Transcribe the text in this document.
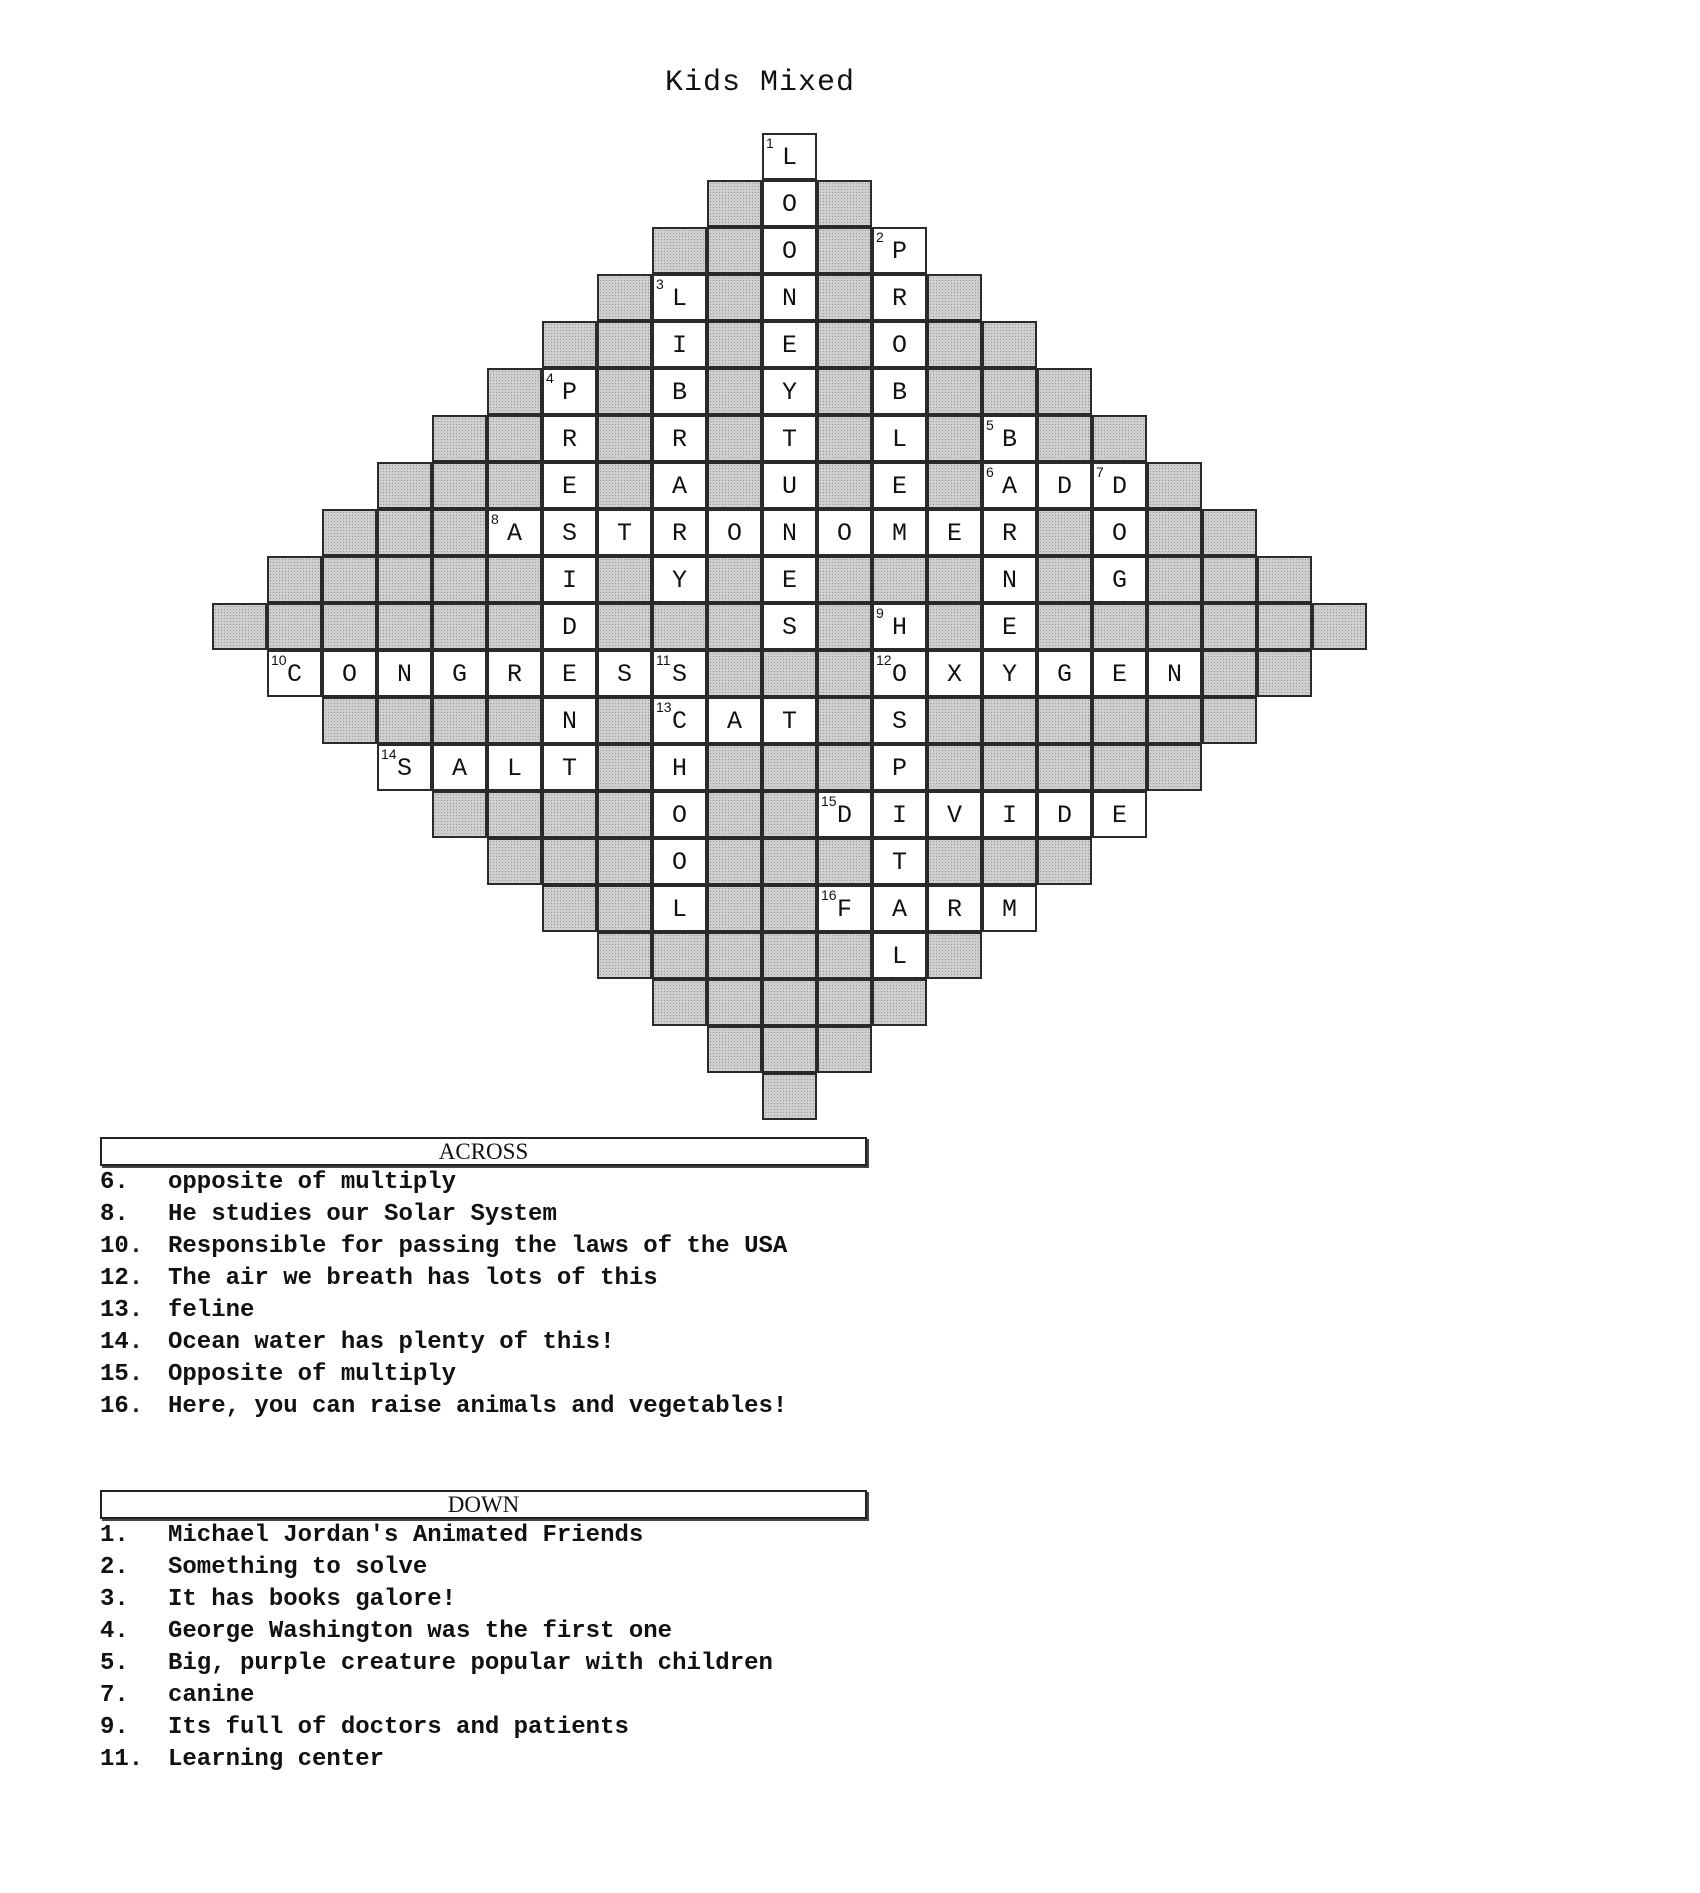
Kids Mixed
1 L
O
O	2 P
3 L	N	R
I	E	O
4 P	B	Y	B
R	R	T	L	5 B
E	A	U	E	6 A	D	7 D
8 A	S	T	R	O	N	O	M	E	R	O
I	Y	E	N	G
D	S	9 H	E
10 C	O	N	G	R	E	S	11 S	12 O	X	Y	G	E	N
N	13 C	A	T	S
14 S	A	L	T	H	P
O	15 D	I	V	I	D	E
O	T
L	16 F	A	R	M
L
ACROSS
6.	opposite of multiply
8.	He studies our Solar System
10.	Responsible for passing the laws of the USA
12.	The air we breath has lots of this
13.	feline
14.	Ocean water has plenty of this!
15.	Opposite of multiply
16.	Here, you can raise animals and vegetables!
DOWN
1.	Michael Jordan's Animated Friends
2.	Something to solve
3.	It has books galore!
4.	George Washington was the first one
5.	Big, purple creature popular with children
7.	canine
9.	Its full of doctors and patients
11.	Learning center
